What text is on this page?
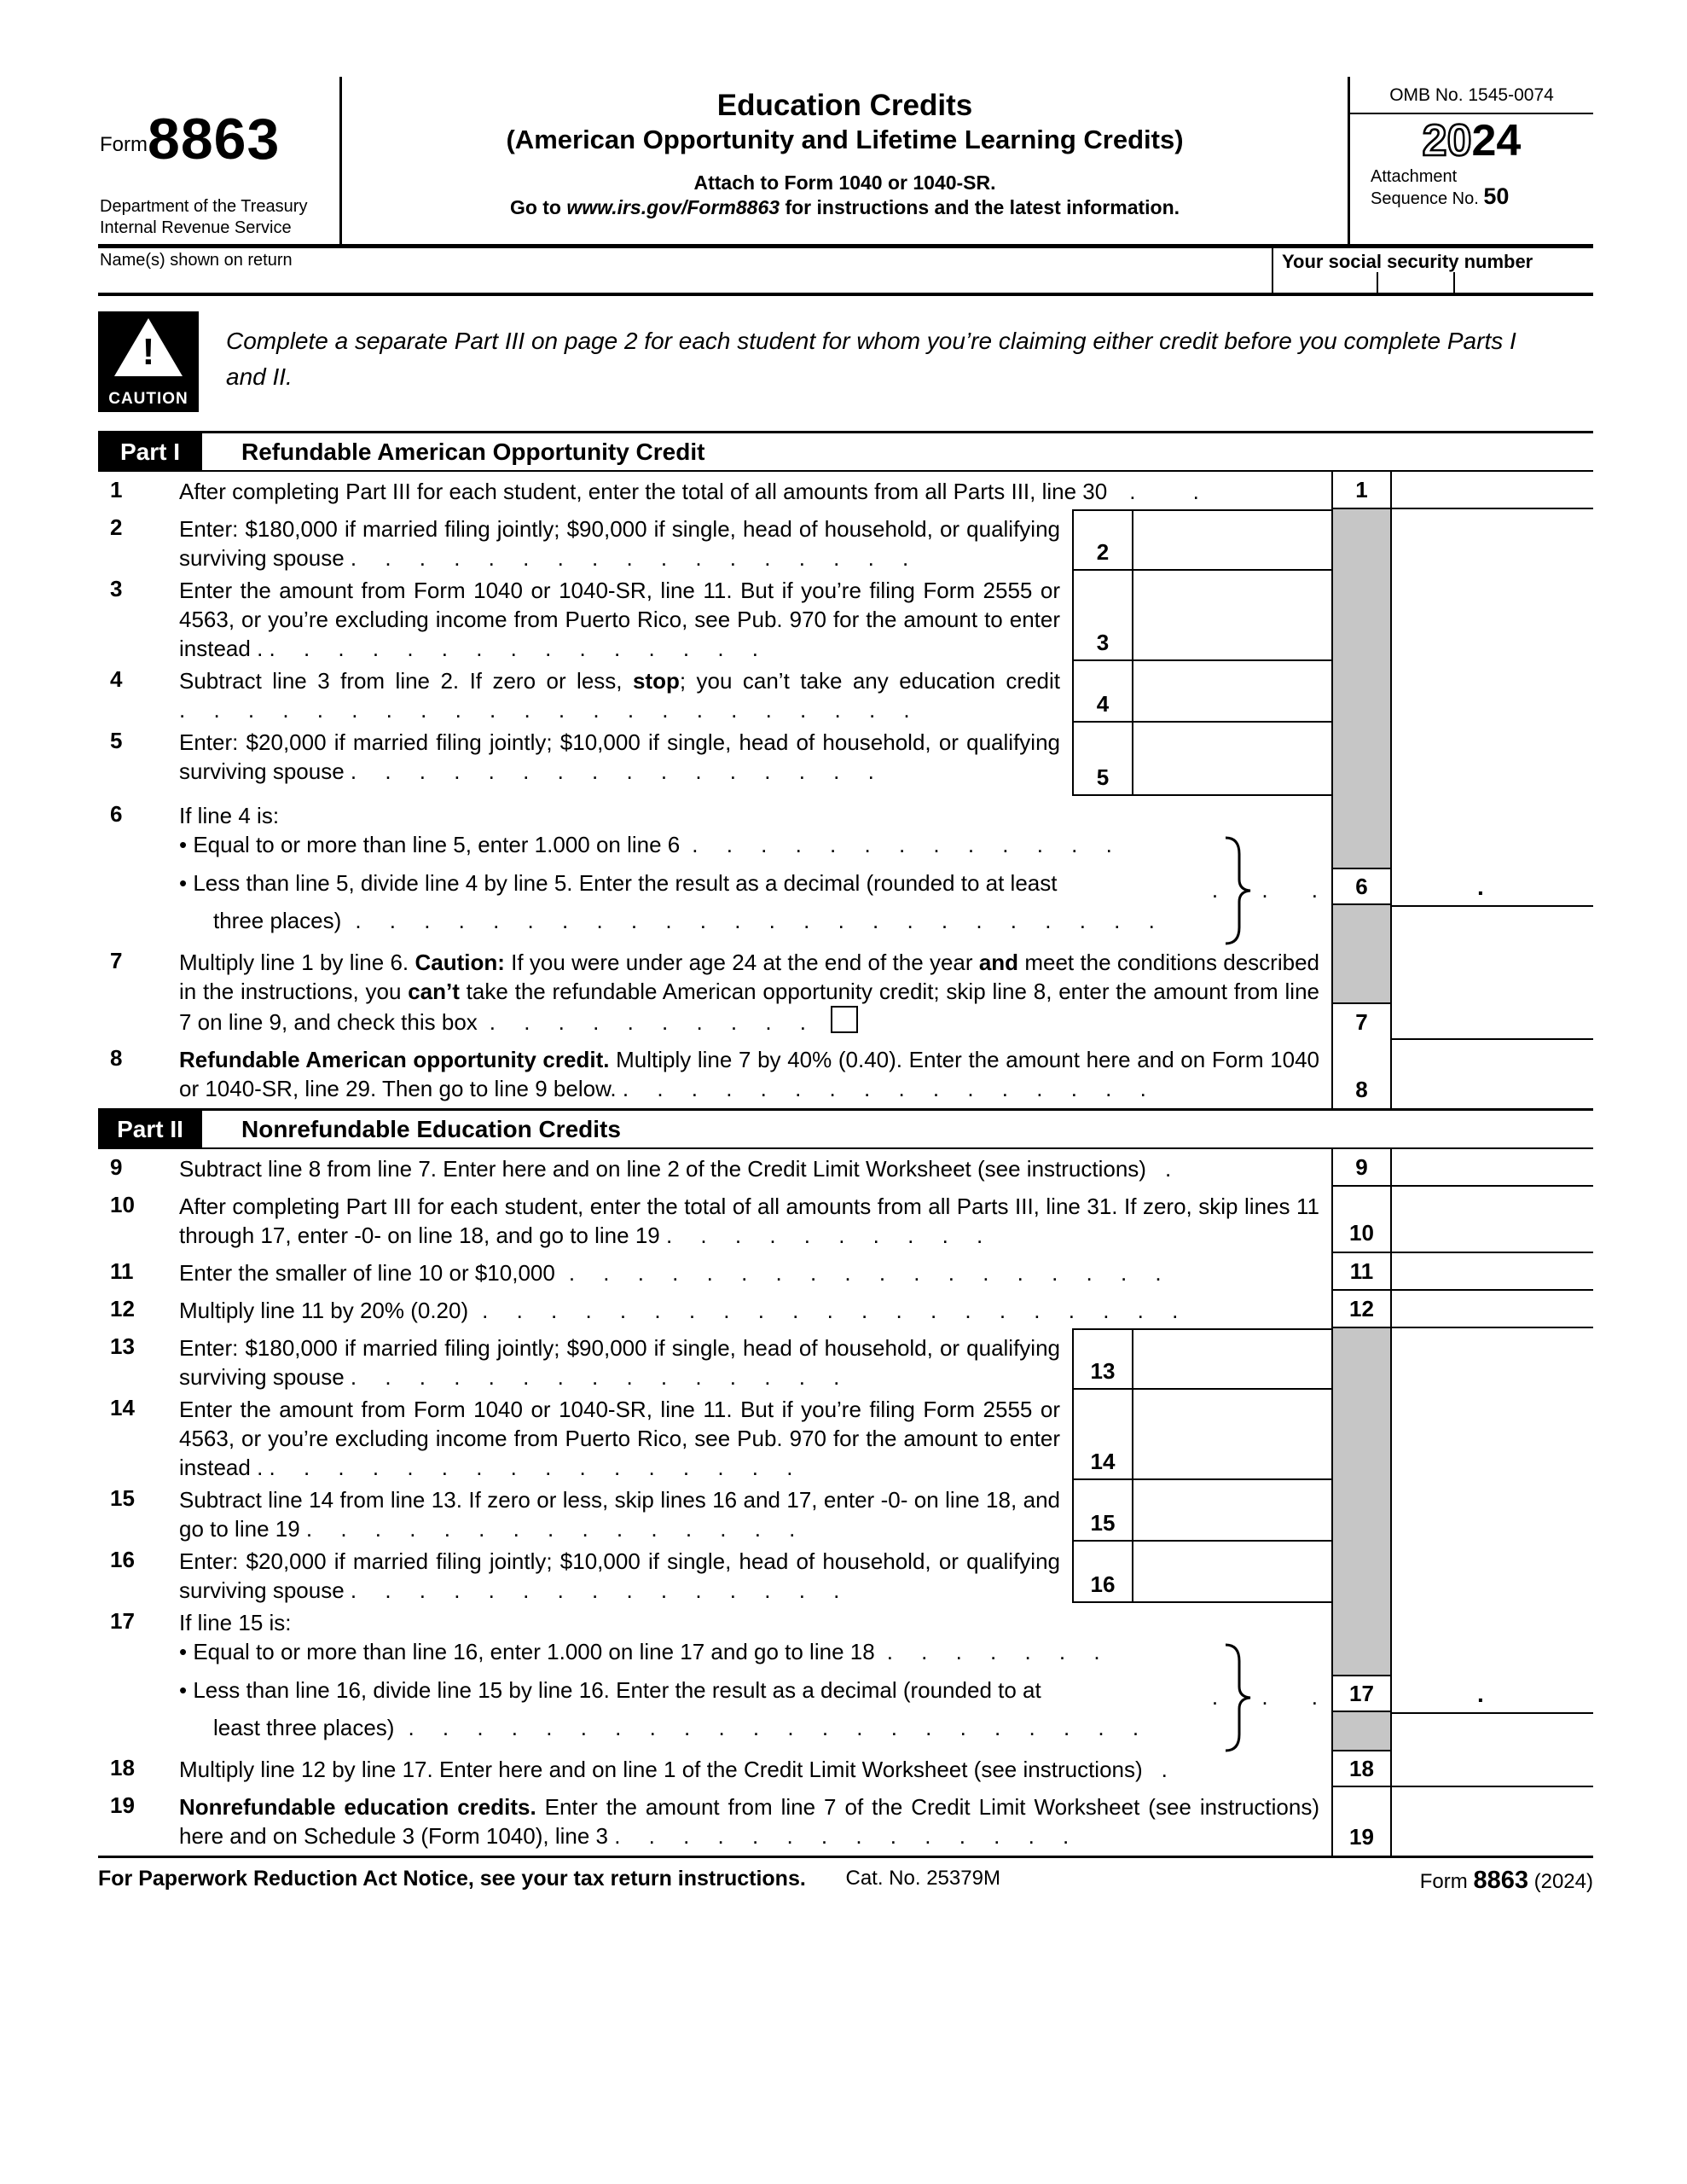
Form 8863
Department of the Treasury
Internal Revenue Service
Education Credits
(American Opportunity and Lifetime Learning Credits)
Attach to Form 1040 or 1040-SR.
Go to www.irs.gov/Form8863 for instructions and the latest information.
OMB No. 1545-0074
20 24
Attachment
Sequence No. 50
Name(s) shown on return	Your social security number
!
CAUTION
Complete a separate Part III on page 2 for each student for whom you’re claiming either credit before you complete Parts I and II.
Part I	Refundable American Opportunity Credit
1	After completing Part III for each student, enter the total of all amounts from all Parts III, line 30 . .	1
2	Enter: $180,000 if married filing jointly; $90,000 if single, head of household, or qualifying surviving spouse . . . . . . . . . . . . . . . . .	2
3	Enter the amount from Form 1040 or 1040-SR, line 11. But if you’re filing Form 2555 or 4563, or you’re excluding income from Puerto Rico, see Pub. 970 for the amount to enter instead . . . . . . . . . . . . . . . .	3
4	Subtract line 3 from line 2. If zero or less, stop; you can’t take any education credit . . . . . . . . . . . . . . . . . . . . . .	4
5	Enter: $20,000 if married filing jointly; $10,000 if single, head of household, or qualifying surviving spouse . . . . . . . . . . . . . . . .	5
6	If line 4 is:
• Equal to or more than line 5, enter 1.000 on line 6 . . . . . . . . . . . . .
• Less than line 5, divide line 4 by line 5. Enter the result as a decimal (rounded to at least
three places) . . . . . . . . . . . . . . . . . . . . . . . .
. . . 6	.
7	Multiply line 1 by line 6. Caution: If you were under age 24 at the end of the year and meet the conditions described in the instructions, you can’t take the refundable American opportunity credit; skip line 8, enter the amount from line 7 on line 9, and check this box . . . . . . . . . .	7
8	Refundable American opportunity credit. Multiply line 7 by 40% (0.40). Enter the amount here and on Form 1040 or 1040-SR, line 29. Then go to line 9 below. . . . . . . . . . . . . . . . .	8
Part II	Nonrefundable Education Credits
9	Subtract line 8 from line 7. Enter here and on line 2 of the Credit Limit Worksheet (see instructions) .	9
10	After completing Part III for each student, enter the total of all amounts from all Parts III, line 31. If zero, skip lines 11 through 17, enter -0- on line 18, and go to line 19 . . . . . . . . . .	10
11	Enter the smaller of line 10 or $10,000 . . . . . . . . . . . . . . . . . .	11
12	Multiply line 11 by 20% (0.20) . . . . . . . . . . . . . . . . . . . . .	12
13	Enter: $180,000 if married filing jointly; $90,000 if single, head of household, or qualifying surviving spouse . . . . . . . . . . . . . . .	13
14	Enter the amount from Form 1040 or 1040-SR, line 11. But if you’re filing Form 2555 or 4563, or you’re excluding income from Puerto Rico, see Pub. 970 for the amount to enter instead . . . . . . . . . . . . . . . . .	14
15	Subtract line 14 from line 13. If zero or less, skip lines 16 and 17, enter -0- on line 18, and go to line 19 . . . . . . . . . . . . . . .	15
16	Enter: $20,000 if married filing jointly; $10,000 if single, head of household, or qualifying surviving spouse . . . . . . . . . . . . . . .	16
17	If line 15 is:
• Equal to or more than line 16, enter 1.000 on line 17 and go to line 18 . . . . . . .
• Less than line 16, divide line 15 by line 16. Enter the result as a decimal (rounded to at
least three places) . . . . . . . . . . . . . . . . . . . . . .
. . . 17	.
18	Multiply line 12 by line 17. Enter here and on line 1 of the Credit Limit Worksheet (see instructions) .	18
19	Nonrefundable education credits. Enter the amount from line 7 of the Credit Limit Worksheet (see instructions) here and on Schedule 3 (Form 1040), line 3 . . . . . . . . . . . . . .	19
For Paperwork Reduction Act Notice, see your tax return instructions.	Cat. No. 25379M	Form 8863 (2024)
